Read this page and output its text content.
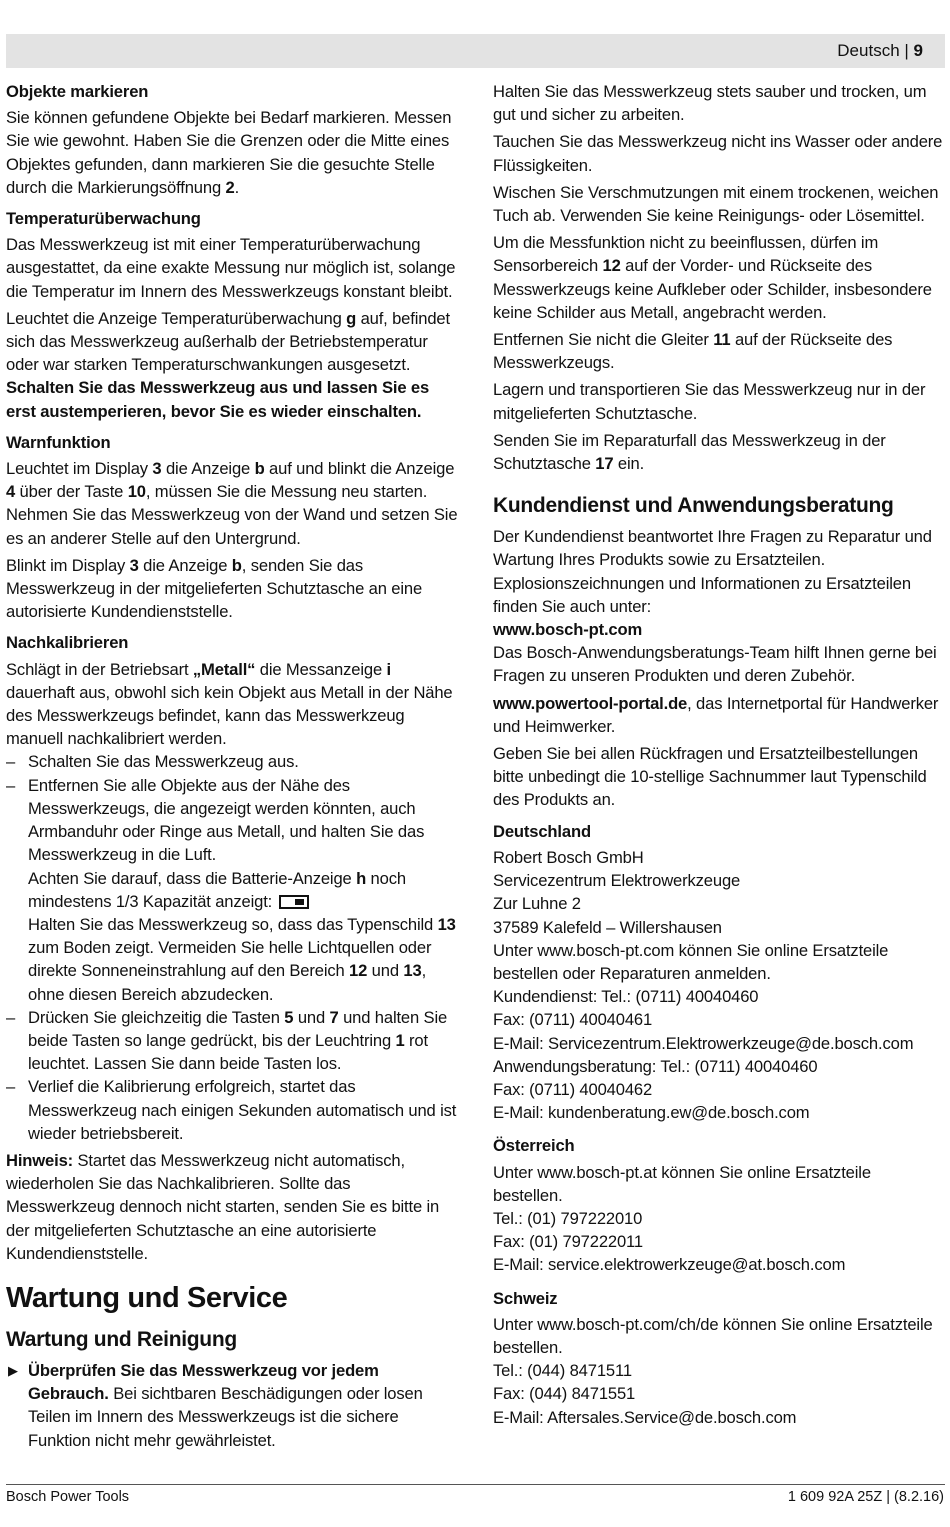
Deutsch | 9
Objekte markieren

Sie können gefundene Objekte bei Bedarf markieren. Messen Sie wie gewohnt. Haben Sie die Grenzen oder die Mitte eines Objektes gefunden, dann markieren Sie die gesuchte Stelle durch die Markierungsöffnung 2.

Temperaturüberwachung

Das Messwerkzeug ist mit einer Temperaturüberwachung ausgestattet, da eine exakte Messung nur möglich ist, solange die Temperatur im Innern des Messwerkzeugs konstant bleibt.

Leuchtet die Anzeige Temperaturüberwachung g auf, befindet sich das Messwerkzeug außerhalb der Betriebstemperatur oder war starken Temperaturschwankungen ausgesetzt. Schalten Sie das Messwerkzeug aus und lassen Sie es erst austemperieren, bevor Sie es wieder einschalten.

Warnfunktion

Leuchtet im Display 3 die Anzeige b auf und blinkt die Anzeige 4 über der Taste 10, müssen Sie die Messung neu starten. Nehmen Sie das Messwerkzeug von der Wand und setzen Sie es an anderer Stelle auf den Untergrund.

Blinkt im Display 3 die Anzeige b, senden Sie das Messwerkzeug in der mitgelieferten Schutztasche an eine autorisierte Kundendienststelle.

Nachkalibrieren

Schlägt in der Betriebsart „Metall“ die Messanzeige i dauerhaft aus, obwohl sich kein Objekt aus Metall in der Nähe des Messwerkzeugs befindet, kann das Messwerkzeug manuell nachkalibriert werden.

– Schalten Sie das Messwerkzeug aus.
– Entfernen Sie alle Objekte aus der Nähe des Messwerkzeugs, die angezeigt werden könnten, auch Armbanduhr oder Ringe aus Metall, und halten Sie das Messwerkzeug in die Luft.
Achten Sie darauf, dass die Batterie-Anzeige h noch mindestens 1/3 Kapazität anzeigt:
Halten Sie das Messwerkzeug so, dass das Typenschild 13 zum Boden zeigt. Vermeiden Sie helle Lichtquellen oder direkte Sonneneinstrahlung auf den Bereich 12 und 13, ohne diesen Bereich abzudecken.
– Drücken Sie gleichzeitig die Tasten 5 und 7 und halten Sie beide Tasten so lange gedrückt, bis der Leuchtring 1 rot leuchtet. Lassen Sie dann beide Tasten los.
– Verlief die Kalibrierung erfolgreich, startet das Messwerkzeug nach einigen Sekunden automatisch und ist wieder betriebsbereit.

Hinweis: Startet das Messwerkzeug nicht automatisch, wiederholen Sie das Nachkalibrieren. Sollte das Messwerkzeug dennoch nicht starten, senden Sie es bitte in der mitgelieferten Schutztasche an eine autorisierte Kundendienststelle.

Wartung und Service
Wartung und Reinigung

▶ Überprüfen Sie das Messwerkzeug vor jedem Gebrauch. Bei sichtbaren Beschädigungen oder losen Teilen im Innern des Messwerkzeugs ist die sichere Funktion nicht mehr gewährleistet.

Halten Sie das Messwerkzeug stets sauber und trocken, um gut und sicher zu arbeiten.

Tauchen Sie das Messwerkzeug nicht ins Wasser oder andere Flüssigkeiten.

Wischen Sie Verschmutzungen mit einem trockenen, weichen Tuch ab. Verwenden Sie keine Reinigungs- oder Lösemittel.

Um die Messfunktion nicht zu beeinflussen, dürfen im Sensorbereich 12 auf der Vorder- und Rückseite des Messwerkzeugs keine Aufkleber oder Schilder, insbesondere keine Schilder aus Metall, angebracht werden.

Entfernen Sie nicht die Gleiter 11 auf der Rückseite des Messwerkzeugs.

Lagern und transportieren Sie das Messwerkzeug nur in der mitgelieferten Schutztasche.

Senden Sie im Reparaturfall das Messwerkzeug in der Schutztasche 17 ein.

Kundendienst und Anwendungsberatung

Der Kundendienst beantwortet Ihre Fragen zu Reparatur und Wartung Ihres Produkts sowie zu Ersatzteilen. Explosionszeichnungen und Informationen zu Ersatzteilen finden Sie auch unter:

www.bosch-pt.com

Das Bosch-Anwendungsberatungs-Team hilft Ihnen gerne bei Fragen zu unseren Produkten und deren Zubehör.

www.powertool-portal.de, das Internetportal für Handwerker und Heimwerker.

Geben Sie bei allen Rückfragen und Ersatzteilbestellungen bitte unbedingt die 10-stellige Sachnummer laut Typenschild des Produkts an.

Deutschland

Robert Bosch GmbH

Servicezentrum Elektrowerkzeuge

Zur Luhne 2

37589 Kalefeld – Willershausen

Unter www.bosch-pt.com können Sie online Ersatzteile bestellen oder Reparaturen anmelden.

Kundendienst: Tel.: (0711) 40040460

Fax: (0711) 40040461

E-Mail: Servicezentrum.Elektrowerkzeuge@de.bosch.com

Anwendungsberatung: Tel.: (0711) 40040460

Fax: (0711) 40040462

E-Mail: kundenberatung.ew@de.bosch.com

Österreich

Unter www.bosch-pt.at können Sie online Ersatzteile bestellen.

Tel.: (01) 797222010

Fax: (01) 797222011

E-Mail: service.elektrowerkzeuge@at.bosch.com

Schweiz

Unter www.bosch-pt.com/ch/de können Sie online Ersatzteile bestellen.

Tel.: (044) 8471511

Fax: (044) 8471551

E-Mail: Aftersales.Service@de.bosch.com

Bosch Power Tools	1 609 92A 25Z | (8.2.16)
